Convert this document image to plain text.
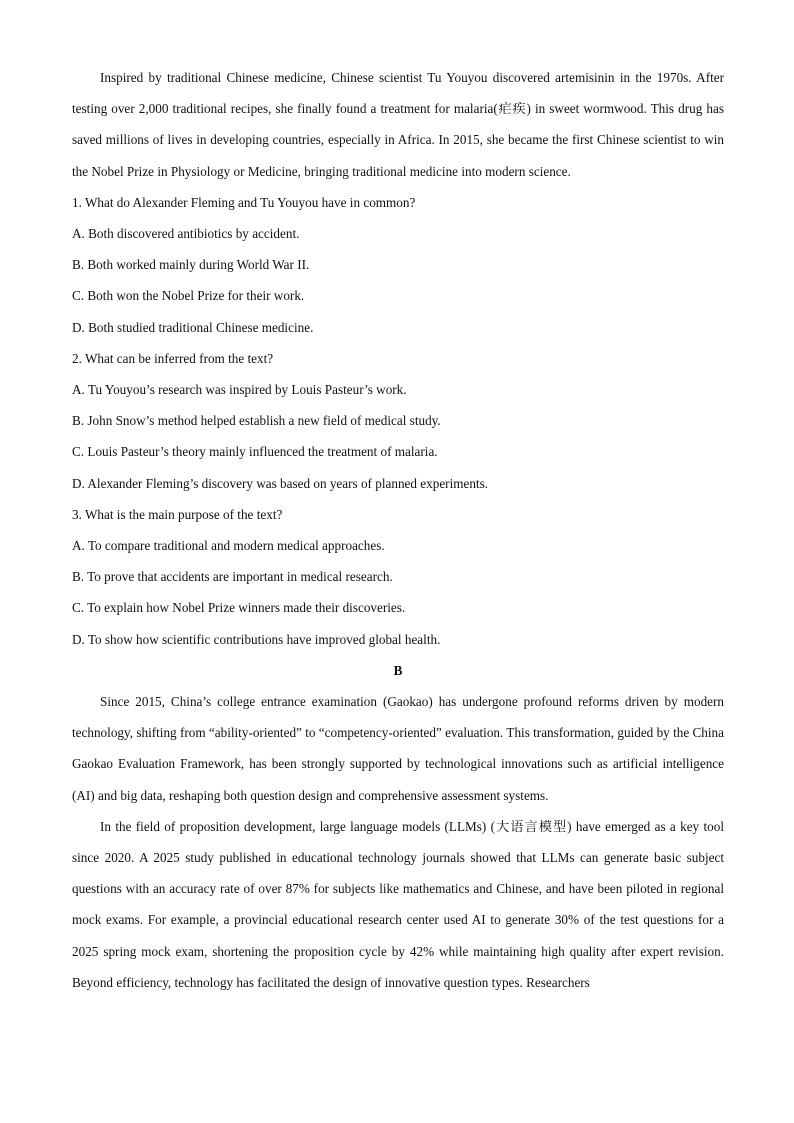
Inspired by traditional Chinese medicine, Chinese scientist Tu Youyou discovered artemisinin in the 1970s. After testing over 2,000 traditional recipes, she finally found a treatment for malaria(疟疾) in sweet wormwood. This drug has saved millions of lives in developing countries, especially in Africa. In 2015, she became the first Chinese scientist to win the Nobel Prize in Physiology or Medicine, bringing traditional medicine into modern science.

1. What do Alexander Fleming and Tu Youyou have in common?

A. Both discovered antibiotics by accident.

B. Both worked mainly during World War II.

C. Both won the Nobel Prize for their work.

D. Both studied traditional Chinese medicine.

2. What can be inferred from the text?

A. Tu Youyou’s research was inspired by Louis Pasteur’s work.

B. John Snow’s method helped establish a new field of medical study.

C. Louis Pasteur’s theory mainly influenced the treatment of malaria.

D. Alexander Fleming’s discovery was based on years of planned experiments.

3. What is the main purpose of the text?

A. To compare traditional and modern medical approaches.

B. To prove that accidents are important in medical research.

C. To explain how Nobel Prize winners made their discoveries.

D. To show how scientific contributions have improved global health.

B

Since 2015, China’s college entrance examination (Gaokao) has undergone profound reforms driven by modern technology, shifting from “ability-oriented” to “competency-oriented” evaluation. This transformation, guided by the China Gaokao Evaluation Framework, has been strongly supported by technological innovations such as artificial intelligence (AI) and big data, reshaping both question design and comprehensive assessment systems.

In the field of proposition development, large language models (LLMs) (大语言模型) have emerged as a key tool since 2020. A 2025 study published in educational technology journals showed that LLMs can generate basic subject questions with an accuracy rate of over 87% for subjects like mathematics and Chinese, and have been piloted in regional mock exams. For example, a provincial educational research center used AI to generate 30% of the test questions for a 2025 spring mock exam, shortening the proposition cycle by 42% while maintaining high quality after expert revision. Beyond efficiency, technology has facilitated the design of innovative question types. Researchers
